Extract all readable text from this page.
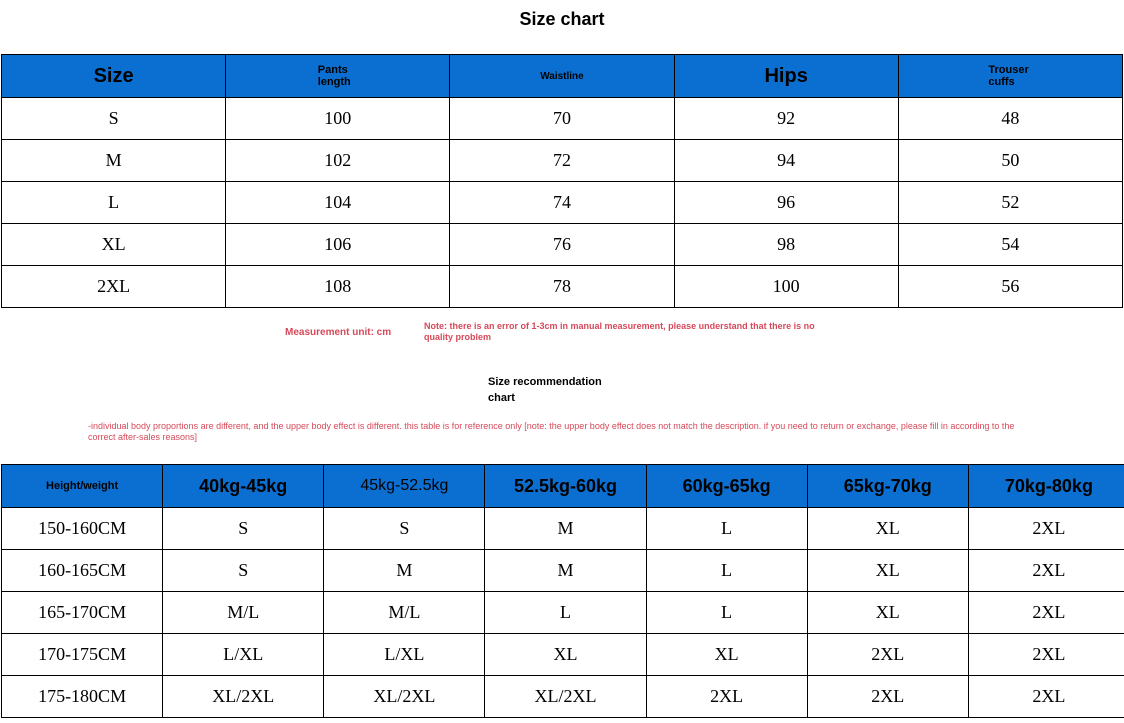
Size chart
Size	Pants length	Waistline	Hips	Trouser cuffs
S	100	70	92	48
M	102	72	94	50
L	104	74	96	52
XL	106	76	98	54
2XL	108	78	100	56
Measurement unit: cm
Note: there is an error of 1-3cm in manual measurement, please understand that there is no quality problem
Size recommendation chart
-individual body proportions are different, and the upper body effect is different. this table is for reference only [note: the upper body effect does not match the description. if you need to return or exchange, please fill in according to the correct after-sales reasons]
Height/weight	40kg-45kg	45kg-52.5kg	52.5kg-60kg	60kg-65kg	65kg-70kg	70kg-80kg
150-160CM	S	S	M	L	XL	2XL
160-165CM	S	M	M	L	XL	2XL
165-170CM	M/L	M/L	L	L	XL	2XL
170-175CM	L/XL	L/XL	XL	XL	2XL	2XL
175-180CM	XL/2XL	XL/2XL	XL/2XL	2XL	2XL	2XL
